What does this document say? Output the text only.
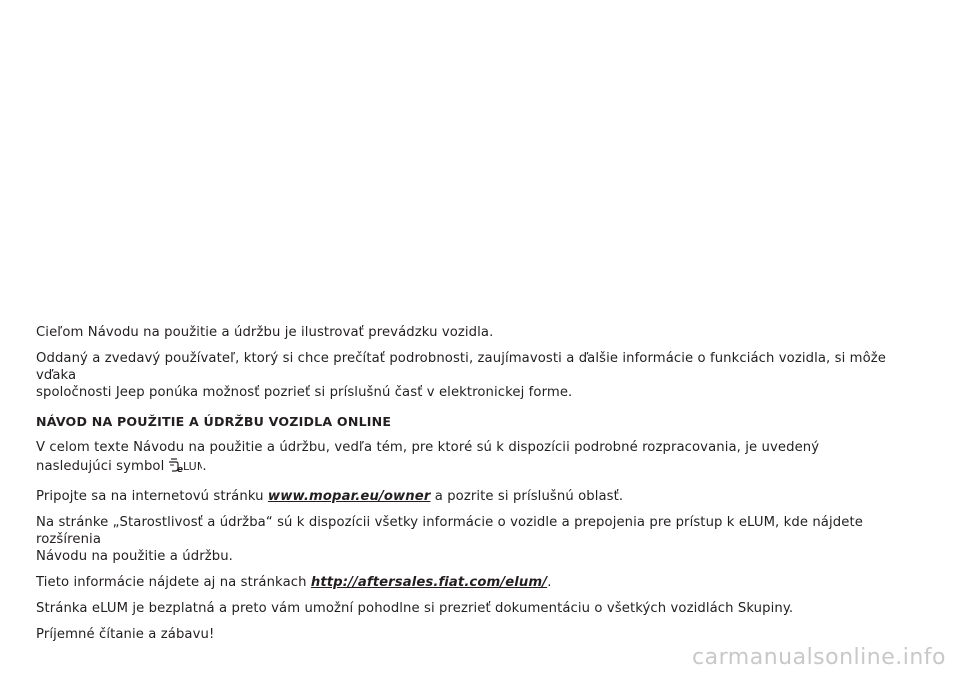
Cieľom Návodu na použitie a údržbu je ilustrovať prevádzku vozidla.

Oddaný a zvedavý používateľ, ktorý si chce prečítať podrobnosti, zaujímavosti a ďalšie informácie o funkciách vozidla, si môže vďaka
spoločnosti Jeep ponúka možnosť pozrieť si príslušnú časť v elektronickej forme.

NÁVOD NA POUŽITIE A ÚDRŽBU VOZIDLA ONLINE

V celom texte Návodu na použitie a údržbu, vedľa tém, pre ktoré sú k dispozícii podrobné rozpracovania, je uvedený
nasledujúci symbol e LUM
.

Pripojte sa na internetovú stránku www.mopar.eu/owner a pozrite si príslušnú oblasť.

Na stránke „Starostlivosť a údržba“ sú k dispozícii všetky informácie o vozidle a prepojenia pre prístup k eLUM, kde nájdete rozšírenia
Návodu na použitie a údržbu.

Tieto informácie nájdete aj na stránkach http://aftersales.fiat.com/elum/.

Stránka eLUM je bezplatná a preto vám umožní pohodlne si prezrieť dokumentáciu o všetkých vozidlách Skupiny.

Príjemné čítanie a zábavu!

carmanualsonline.info
